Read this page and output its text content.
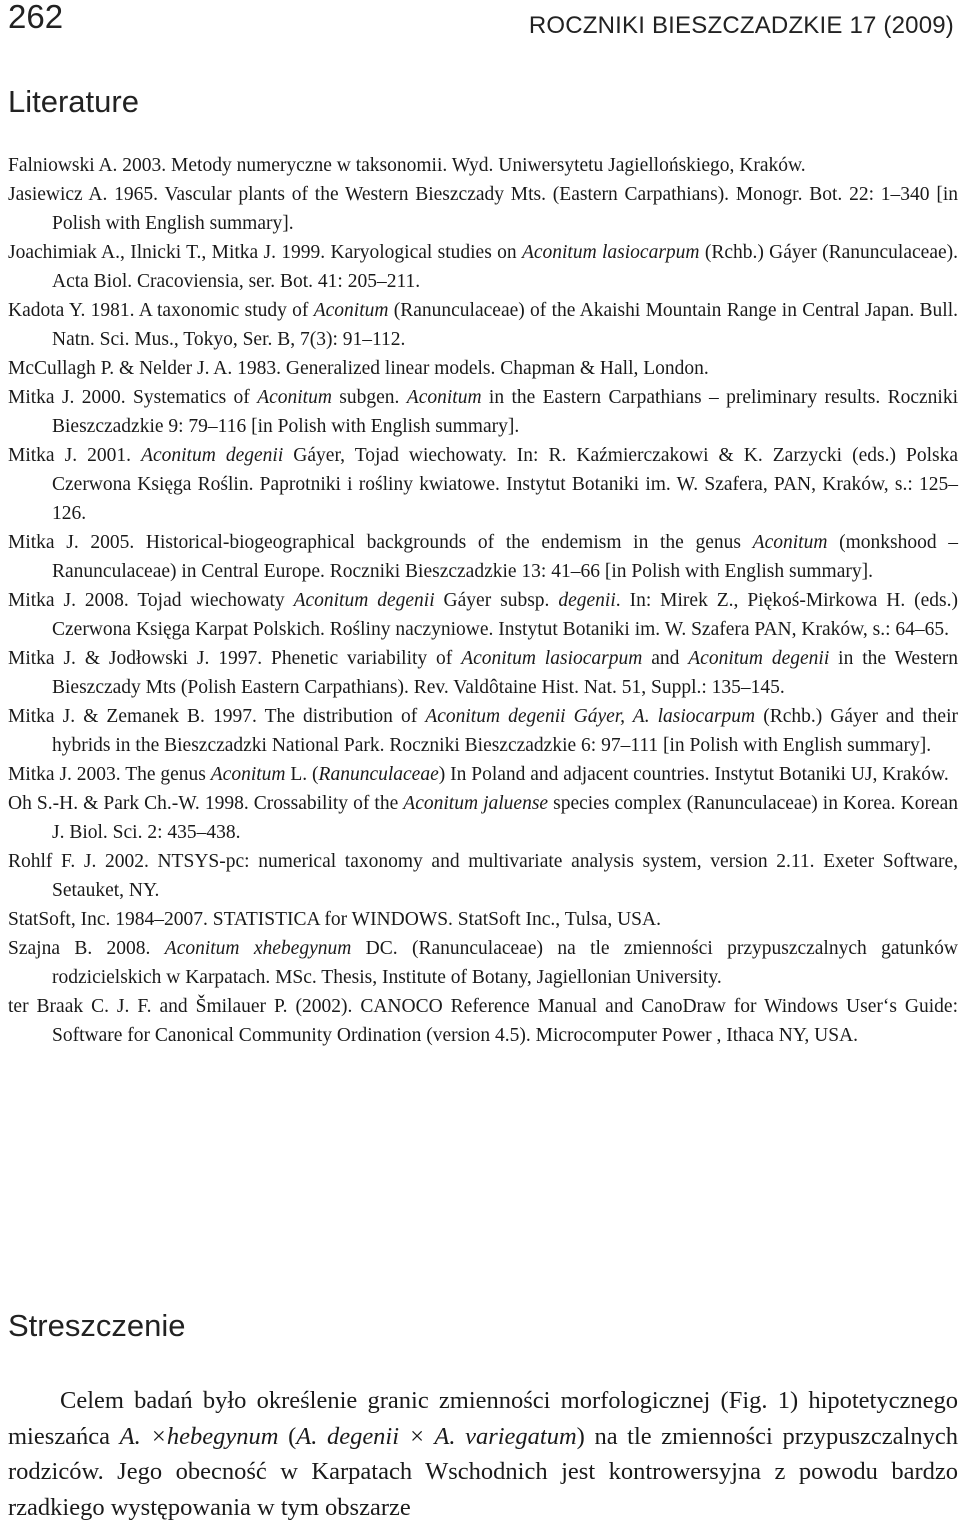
262	ROCZNIKI BIESZCZADZKIE 17 (2009)
Literature

Falniowski A. 2003. Metody numeryczne w taksonomii. Wyd. Uniwersytetu Jagiellońskiego, Kraków.

Jasiewicz A. 1965. Vascular plants of the Western Bieszczady Mts. (Eastern Carpathians). Monogr. Bot. 22: 1–340 [in Polish with English summary].

Joachimiak A., Ilnicki T., Mitka J. 1999. Karyological studies on Aconitum lasiocarpum (Rchb.) Gáyer (Ranunculaceae). Acta Biol. Cracoviensia, ser. Bot. 41: 205–211.

Kadota Y. 1981. A taxonomic study of Aconitum (Ranunculaceae) of the Akaishi Mountain Range in Central Japan. Bull. Natn. Sci. Mus., Tokyo, Ser. B, 7(3): 91–112.

McCullagh P. & Nelder J. A. 1983. Generalized linear models. Chapman & Hall, London.

Mitka J. 2000. Systematics of Aconitum subgen. Aconitum in the Eastern Carpathians – preliminary results. Roczniki Bieszczadzkie 9: 79–116 [in Polish with English summary].

Mitka J. 2001. Aconitum degenii Gáyer, Tojad wiechowaty. In: R. Kaźmierczakowi & K. Zarzycki (eds.) Polska Czerwona Księga Roślin. Paprotniki i rośliny kwiatowe. Instytut Botaniki im. W. Szafera, PAN, Kraków, s.: 125–126.

Mitka J. 2005. Historical-biogeographical backgrounds of the endemism in the genus Aconitum (monkshood – Ranunculaceae) in Central Europe. Roczniki Bieszczadzkie 13: 41–66 [in Polish with English summary].

Mitka J. 2008. Tojad wiechowaty Aconitum degenii Gáyer subsp. degenii. In: Mirek Z., Piękoś-Mirkowa H. (eds.) Czerwona Księga Karpat Polskich. Rośliny naczyniowe. Instytut Botaniki im. W. Szafera PAN, Kraków, s.: 64–65.

Mitka J. & Jodłowski J. 1997. Phenetic variability of Aconitum lasiocarpum and Aconitum degenii in the Western Bieszczady Mts (Polish Eastern Carpathians). Rev. Valdôtaine Hist. Nat. 51, Suppl.: 135–145.

Mitka J. & Zemanek B. 1997. The distribution of Aconitum degenii Gáyer, A. lasiocarpum (Rchb.) Gáyer and their hybrids in the Bieszczadzki National Park. Roczniki Bieszczadzkie 6: 97–111 [in Polish with English summary].

Mitka J. 2003. The genus Aconitum L. (Ranunculaceae) In Poland and adjacent countries. Instytut Botaniki UJ, Kraków.

Oh S.-H. & Park Ch.-W. 1998. Crossability of the Aconitum jaluense species complex (Ranunculaceae) in Korea. Korean J. Biol. Sci. 2: 435–438.

Rohlf F. J. 2002. NTSYS-pc: numerical taxonomy and multivariate analysis system, version 2.11. Exeter Software, Setauket, NY.

StatSoft, Inc. 1984–2007. STATISTICA for WINDOWS. StatSoft Inc., Tulsa, USA.

Szajna B. 2008. Aconitum xhebegynum DC. (Ranunculaceae) na tle zmienności przypuszczalnych gatunków rodzicielskich w Karpatach. MSc. Thesis, Institute of Botany, Jagiellonian University.

ter Braak C. J. F. and Šmilauer P. (2002). CANOCO Reference Manual and CanoDraw for Windows User‘s Guide: Software for Canonical Community Ordination (version 4.5). Microcomputer Power , Ithaca NY, USA.

Streszczenie

Celem badań było określenie granic zmienności morfologicznej (Fig. 1) hipotetycznego mieszańca A. ×hebegynum (A. degenii × A. variegatum) na tle zmienności przypuszczalnych rodziców. Jego obecność w Karpatach Wschodnich jest kontrowersyjna z powodu bardzo rzadkiego występowania w tym obszarze
